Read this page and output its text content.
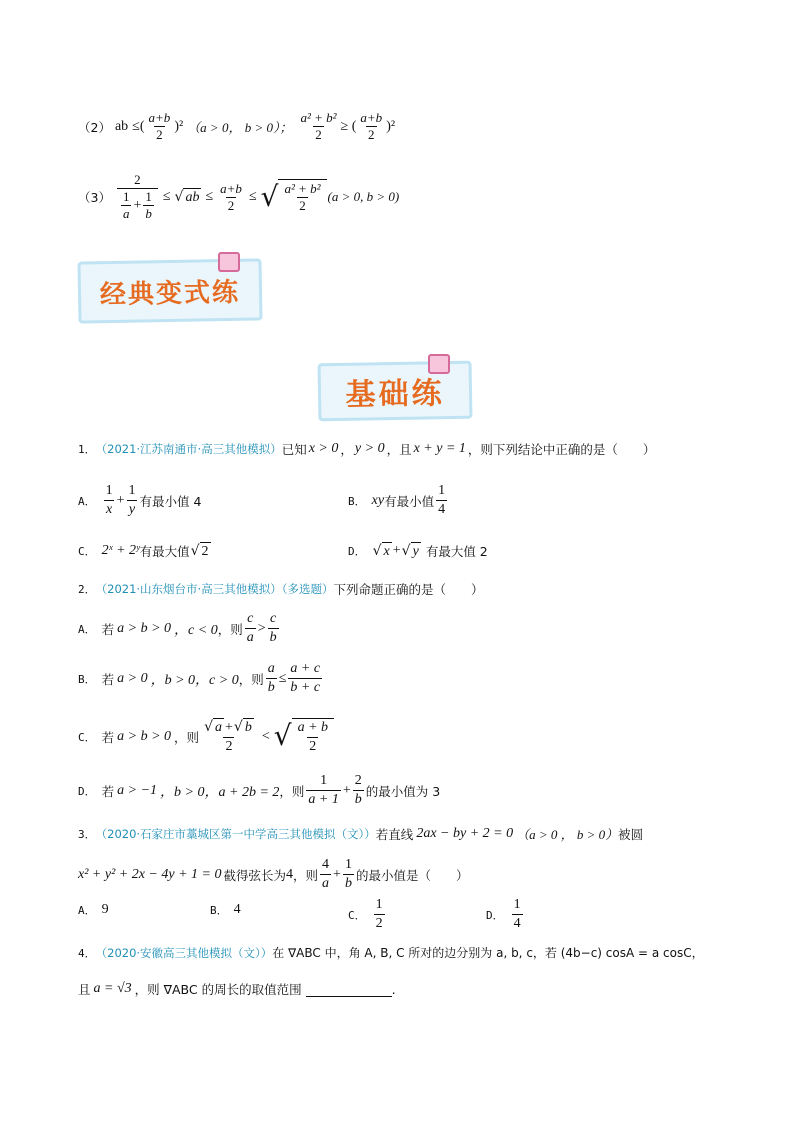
（2） ab ≤( $\frac{a+b}{2} )^2$ （a > 0， b > 0）； $\frac{\text{a² + b²}}{2}$ ≥ ( $\frac{a+b}{2} )^2$
$(3) \frac{2}{\frac{1}{a} + \frac{1}{b}}$ ≤ √ ab ≤ $\frac{a+b}{2}$ ≤ √ $\frac{\text{a² + b²}}{2} (a > 0$, b > 0)
经典变式练
基础练
1． （2021·江苏南通市·高三其他模拟） 已知 x > 0 ， y > 0 ，且 x + y = 1 ，则下列结论中正确的是（　　）
A． $\frac{1}{x} + \frac{1}{y}$ 有最小值 4	B． xy 有最小值 $\frac{1}{4}$
C． 2ˣ + 2ʸ 有最大值 √ 2	D． √ x + √ y 有最大值 2
2． （2021·山东烟台市·高三其他模拟）（多选题） 下列命题正确的是（　　）
A． 若 a > b > 0 ，c < 0 ，则 $\frac{c}{a} > \frac{c}{b}$
B． 若 a > 0 ，b > 0 ，c > 0 ，则 $\frac{a}{b} \le \frac{a + c}{b + c}$
C． 若 a > b > 0 ，则 $\frac{√ a + √ b}{2}$ < √ $\frac{a + b}{2}$
D． 若 a > −1 ，b > 0 ，a + 2b = 2 ，则 $\frac{1}{a + 1} + \frac{2}{b}$ 的最小值为 3
3． （2020·石家庄市藁城区第一中学高三其他模拟（文）） 若直线 2ax − by + 2 = 0 （a > 0 ， b > 0） 被圆
x² + y² + 2x − 4y + 1 = 0 截得弦长为 4 ，则 $\frac{4}{a} + \frac{1}{b}$ 的最小值是（　　）
A． 9	B． 4	C． $\frac{1}{2}$	D． $\frac{1}{4}$
4． （2020·安徽高三其他模拟（文）） 在 ∇ABC 中，角 A, B, C 所对的边分别为 a, b, c，若 (4b−c) cosA = a cosC，
且 a = √3 ，则 ∇ABC 的周长的取值范围	.
